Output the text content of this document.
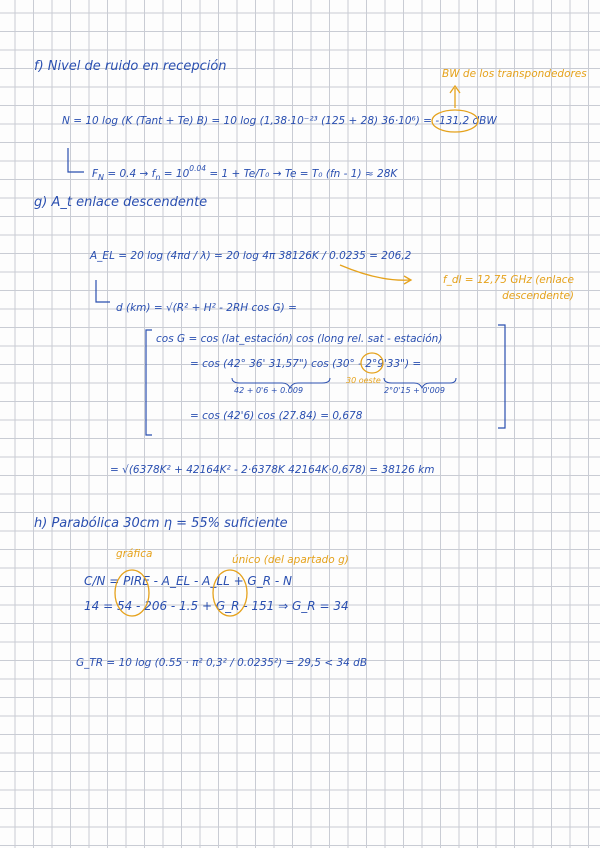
f) Nivel de ruido en recepción	BW de los transpondedores
N = 10 log (K (Tant + Te) B) = 10 log (1,38·10⁻²³ (125 + 28) 36·10⁶) = -131,2 dBW
$F_N = 0.4 \to f_n = 10^{0.04} = 1 + Te/T_0 \to Te = T_0$ (fn - 1) ≈ 28K
g) A_t enlace descendente
A_EL = 20 log (4πd / λ) = 20 log 4π 38126K / 0.0235 = 206,2
f_dl = 12,75 GHz (enlace descendente)
d (km) = √(R² + H² - 2RH cos G) =
cos G = cos (lat_estación) cos (long rel. sat - estación)
= cos (42° 36' 31,57") cos (30° - 2°9'33") =
42 + 0'6 + 0.009
30 oeste
2°0'15 + 0'009
= cos (42'6) cos (27.84) = 0,678
= √(6378K² + 42164K² - 2·6378K 42164K·0,678) = 38126 km
h) Parabólica 30cm η = 55% suficiente
gráfica	único (del apartado g)
C/N = PIRE - A_EL - A_LL + G_R - N
14 = 54 - 206 - 1.5 + G_R - 151 ⇒ G_R = 34
G_TR = 10 log (0.55 · π² 0,3² / 0.0235²) = 29,5 < 34 dB
